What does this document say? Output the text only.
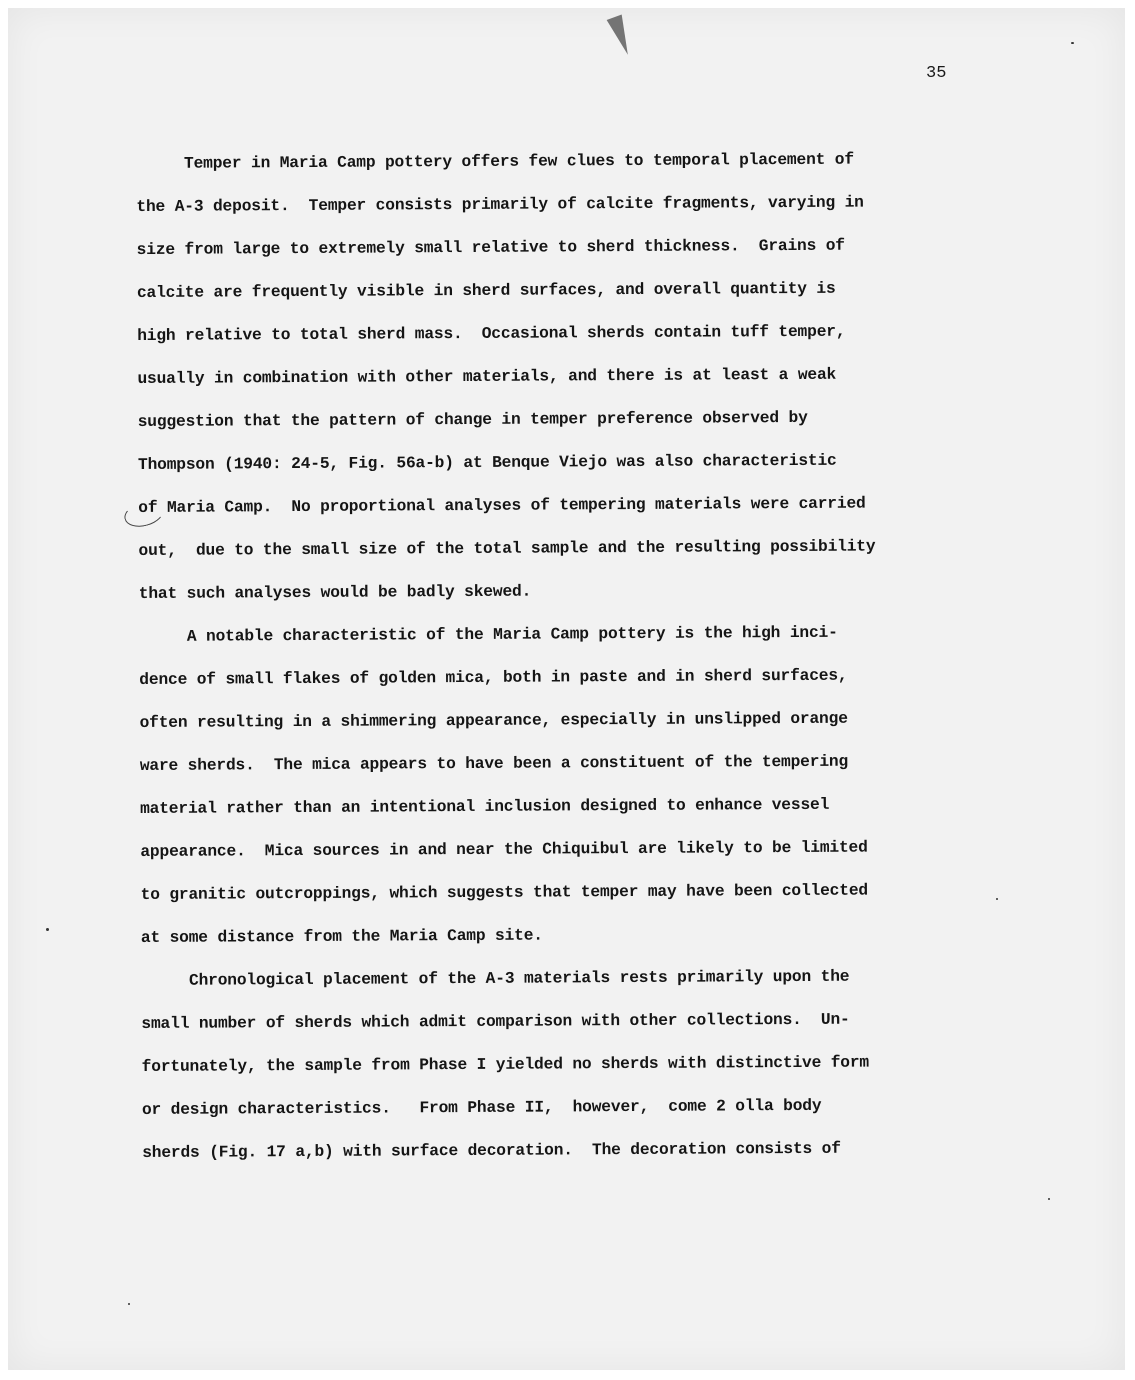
35

Temper in Maria Camp pottery offers few clues to temporal placement of

the A-3 deposit.  Temper consists primarily of calcite fragments, varying in

size from large to extremely small relative to sherd thickness.  Grains of

calcite are frequently visible in sherd surfaces, and overall quantity is

high relative to total sherd mass.  Occasional sherds contain tuff temper,

usually in combination with other materials, and there is at least a weak

suggestion that the pattern of change in temper preference observed by

Thompson (1940: 24-5, Fig. 56a-b) at Benque Viejo was also characteristic

of Maria Camp.  No proportional analyses of tempering materials were carried

out,  due to the small size of the total sample and the resulting possibility

that such analyses would be badly skewed.

A notable characteristic of the Maria Camp pottery is the high inci-

dence of small flakes of golden mica, both in paste and in sherd surfaces,

often resulting in a shimmering appearance, especially in unslipped orange

ware sherds.  The mica appears to have been a constituent of the tempering

material rather than an intentional inclusion designed to enhance vessel

appearance.  Mica sources in and near the Chiquibul are likely to be limited

to granitic outcroppings, which suggests that temper may have been collected

at some distance from the Maria Camp site.

Chronological placement of the A-3 materials rests primarily upon the

small number of sherds which admit comparison with other collections.  Un-

fortunately, the sample from Phase I yielded no sherds with distinctive form

or design characteristics.   From Phase II,  however,  come 2 olla body

sherds (Fig. 17 a,b) with surface decoration.  The decoration consists of
